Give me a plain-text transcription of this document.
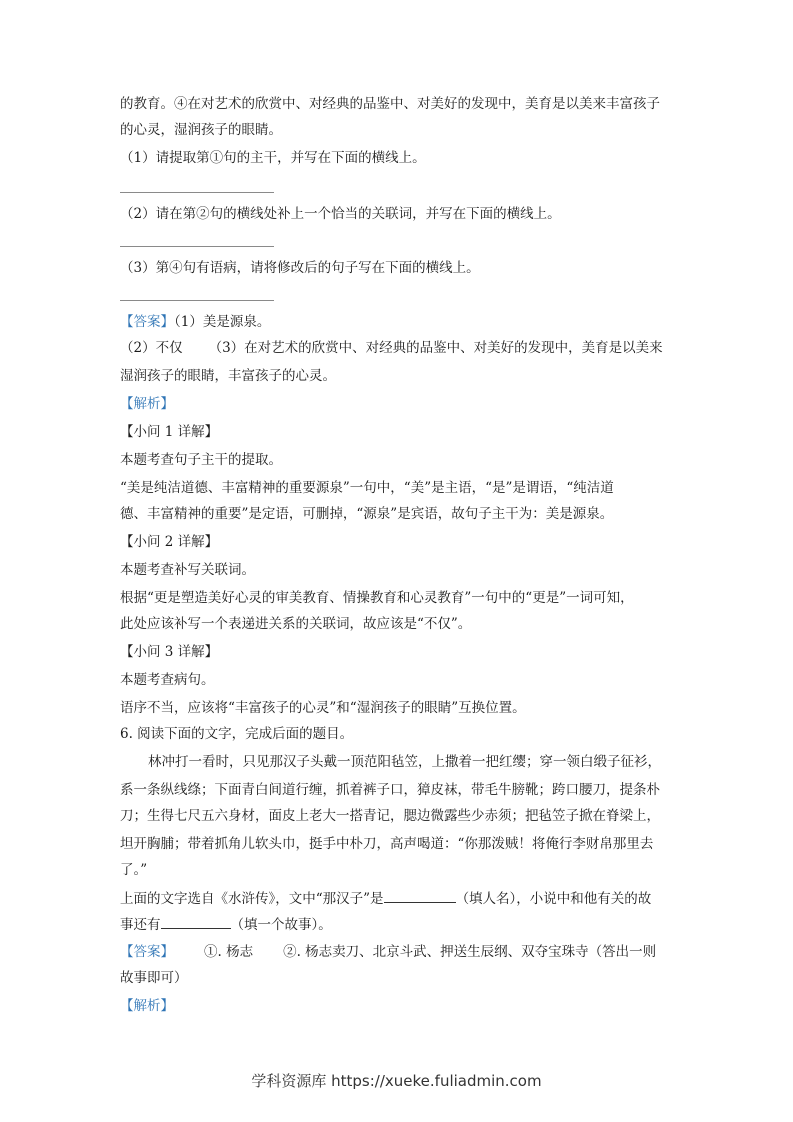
的教育。④在对艺术的欣赏中、对经典的品鉴中、对美好的发现中，美育是以美来丰富孩子
的心灵，湿润孩子的眼睛。
（1）请提取第①句的主干，并写在下面的横线上。
（2）请在第②句的横线处补上一个恰当的关联词，并写在下面的横线上。
（3）第④句有语病，请将修改后的句子写在下面的横线上。
【答案】（1）美是源泉。
（2）不仅 （3）在对艺术的欣赏中、对经典的品鉴中、对美好的发现中，美育是以美来
湿润孩子的眼睛，丰富孩子的心灵。
【解析】
【小问 1 详解】
本题考查句子主干的提取。
“美是纯洁道德、丰富精神的重要源泉”一句中，“美”是主语，“是”是谓语，“纯洁道
德、丰富精神的重要”是定语，可删掉，“源泉”是宾语，故句子主干为：美是源泉。
【小问 2 详解】
本题考查补写关联词。
根据“更是塑造美好心灵的审美教育、情操教育和心灵教育”一句中的“更是”一词可知，
此处应该补写一个表递进关系的关联词，故应该是“不仅”。
【小问 3 详解】
本题考查病句。
语序不当，应该将“丰富孩子的心灵”和“湿润孩子的眼睛”互换位置。
6. 阅读下面的文字，完成后面的题目。
林冲打一看时，只见那汉子头戴一顶范阳毡笠，上撒着一把红缨；穿一领白缎子征衫，
系一条纵线绦；下面青白间道行缠，抓着裤子口，獐皮袜，带毛牛膀靴；跨口腰刀，提条朴
刀；生得七尺五六身材，面皮上老大一搭青记，腮边微露些少赤须；把毡笠子掀在脊梁上，
坦开胸脯；带着抓角儿软头巾，挺手中朴刀，高声喝道：“你那泼贼！将俺行李财帛那里去
了。”
上面的文字选自《水浒传》，文中“那汉子”是	（填人名），小说中和他有关的故
事还有	（填一个故事）。
【答案】 ①. 杨志 ②. 杨志卖刀、北京斗武、押送生辰纲、双夺宝珠寺（答出一则
故事即可）
【解析】
学科资源库 https://xueke.fuliadmin.com
